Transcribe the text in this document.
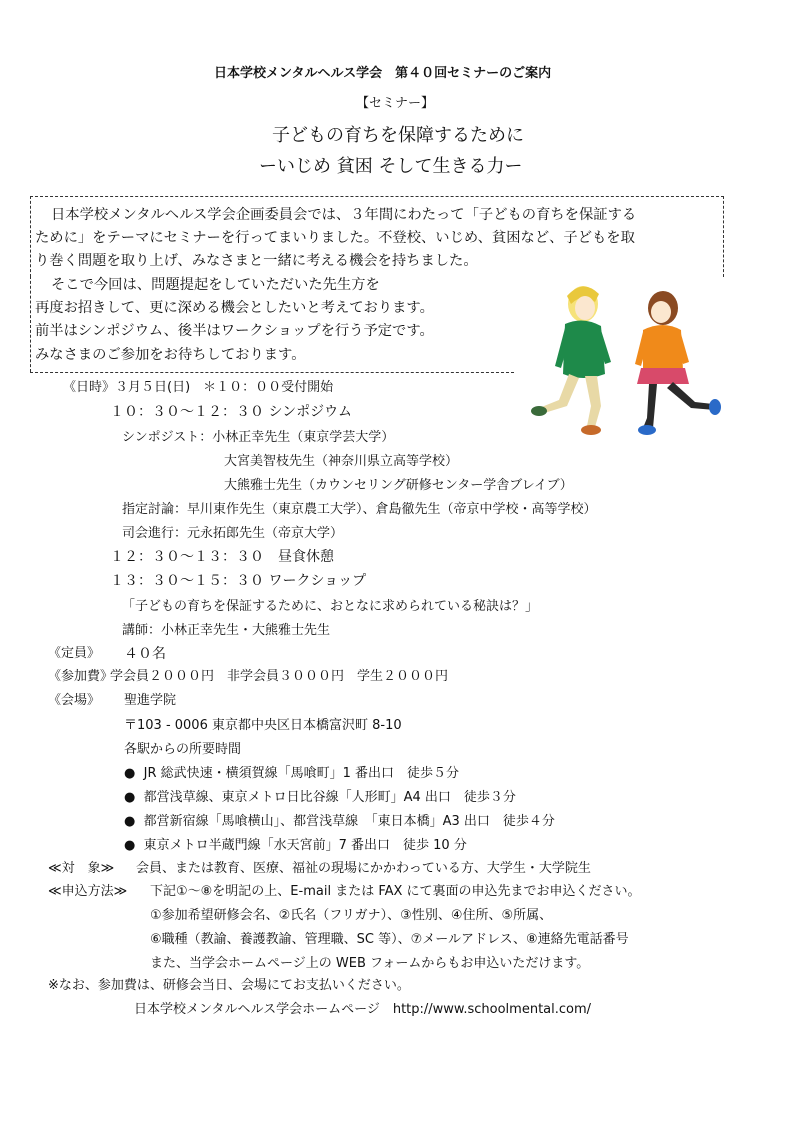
日本学校メンタルヘルス学会　第４０回セミナーのご案内
【セミナー】
子どもの育ちを保障するために
ーいじめ 貧困 そして生きる力ー
日本学校メンタルヘルス学会企画委員会では、３年間にわたって「子どもの育ちを保証する
ために」をテーマにセミナーを行ってまいりました。不登校、いじめ、貧困など、子どもを取
り巻く問題を取り上げ、みなさまと一緒に考える機会を持ちました。
そこで今回は、問題提起をしていただいた先生方を
再度お招きして、更に深める機会としたいと考えております。
前半はシンポジウム、後半はワークショップを行う予定です。
みなさまのご参加をお待ちしております。
《日時》３月５日(日)　＊１０：００受付開始
１０：３０～１２：３０ シンポジウム
シンポジスト：小林正幸先生（東京学芸大学）
大宮美智枝先生（神奈川県立高等学校）
大熊雅士先生（カウンセリング研修センター学舎ブレイブ）
指定討論：早川東作先生（東京農工大学）、倉島徹先生（帝京中学校・高等学校）
司会進行：元永拓郎先生（帝京大学）
１２：３０～１３：３０　昼食休憩
１３：３０～１５：３０ ワークショップ
「子どもの育ちを保証するために、おとなに求められている秘訣は？」
講師：小林正幸先生・大熊雅士先生
《定員》 ４０名
《参加費》
学会員２０００円　非学会員３０００円　学生２０００円
《会場》 聖進学院
〒103 - 0006 東京都中央区日本橋富沢町 8-10
各駅からの所要時間
● JR 総武快速・横須賀線「馬喰町」1 番出口　徒歩５分
● 都営浅草線、東京メトロ日比谷線「人形町」A4 出口　徒歩３分
● 都営新宿線「馬喰横山」、都営浅草線　「東日本橋」A3 出口　徒歩４分
● 東京メトロ半蔵門線「水天宮前」7 番出口　徒歩 10 分
≪対　象≫ 会員、または教育、医療、福祉の現場にかかわっている方、大学生・大学院生
≪申込方法≫ 下記①～⑧を明記の上、E-mail または FAX にて裏面の申込先までお申込ください。
①参加希望研修会名、②氏名（フリガナ）、③性別、④住所、⑤所属、
⑥職種（教諭、養護教諭、管理職、SC 等）、⑦メールアドレス、⑧連絡先電話番号
また、当学会ホームページ上の WEB フォームからもお申込いただけます。
※なお、参加費は、研修会当日、会場にてお支払いください。
日本学校メンタルヘルス学会ホームページ　http://www.schoolmental.com/
